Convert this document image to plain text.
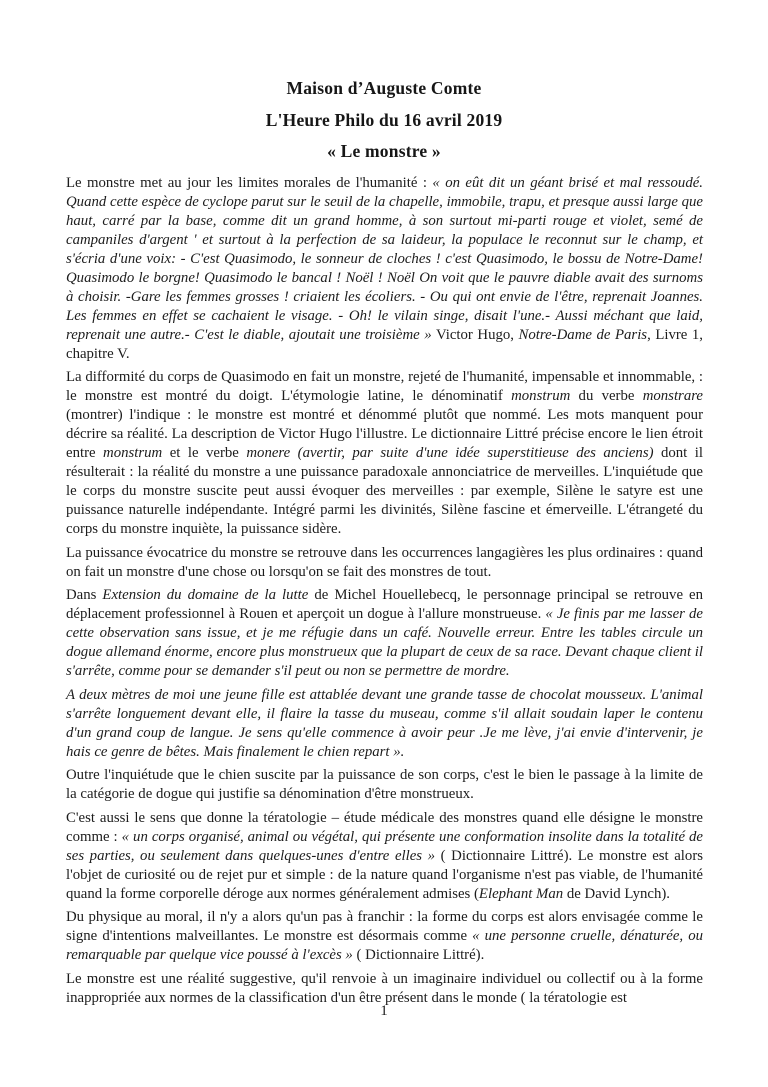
Maison d’Auguste Comte
L'Heure Philo du 16 avril 2019
« Le monstre »

Le monstre met au jour les limites morales de l'humanité : « on eût dit un géant brisé et mal ressoudé. Quand cette espèce de cyclope parut sur le seuil de la chapelle, immobile, trapu, et presque aussi large que haut, carré par la base, comme dit un grand homme, à son surtout mi-parti rouge et violet, semé de campaniles d'argent ' et surtout à la perfection de sa laideur, la populace le reconnut sur le champ, et s'écria d'une voix: - C'est Quasimodo, le sonneur de cloches ! c'est Quasimodo, le bossu de Notre-Dame! Quasimodo le borgne! Quasimodo le bancal ! Noël ! Noël On voit que le pauvre diable avait des surnoms à choisir. -Gare les femmes grosses ! criaient les écoliers. - Ou qui ont envie de l'être, reprenait Joannes. Les femmes en effet se cachaient le visage. - Oh! le vilain singe, disait l'une.- Aussi méchant que laid, reprenait une autre.- C'est le diable, ajoutait une troisième » Victor Hugo, Notre-Dame de Paris, Livre 1, chapitre V.

La difformité du corps de Quasimodo en fait un monstre, rejeté de l'humanité, impensable et innommable, : le monstre est montré du doigt. L'étymologie latine, le dénominatif monstrum du verbe monstrare (montrer) l'indique : le monstre est montré et dénommé plutôt que nommé. Les mots manquent pour décrire sa réalité. La description de Victor Hugo l'illustre. Le dictionnaire Littré précise encore le lien étroit entre monstrum et le verbe monere (avertir, par suite d'une idée superstitieuse des anciens) dont il résulterait : la réalité du monstre a une puissance paradoxale annonciatrice de merveilles. L'inquiétude que le corps du monstre suscite peut aussi évoquer des merveilles : par exemple, Silène le satyre est une puissance naturelle indépendante. Intégré parmi les divinités, Silène fascine et émerveille. L'étrangeté du corps du monstre inquiète, la puissance sidère.

La puissance évocatrice du monstre se retrouve dans les occurrences langagières les plus ordinaires : quand on fait un monstre d'une chose ou lorsqu'on se fait des monstres de tout.

Dans Extension du domaine de la lutte de Michel Houellebecq, le personnage principal se retrouve en déplacement professionnel à Rouen et aperçoit un dogue à l'allure monstrueuse. « Je finis par me lasser de cette observation sans issue, et je me réfugie dans un café. Nouvelle erreur. Entre les tables circule un dogue allemand énorme, encore plus monstrueux que la plupart de ceux de sa race. Devant chaque client il s'arrête, comme pour se demander s'il peut ou non se permettre de mordre.

A deux mètres de moi une jeune fille est attablée devant une grande tasse de chocolat mousseux. L'animal s'arrête longuement devant elle, il flaire la tasse du museau, comme s'il allait soudain laper le contenu d'un grand coup de langue. Je sens qu'elle commence à avoir peur .Je me lève, j'ai envie d'intervenir, je hais ce genre de bêtes. Mais finalement le chien repart ».

Outre l'inquiétude que le chien suscite par la puissance de son corps, c'est le bien le passage à la limite de la catégorie de dogue qui justifie sa dénomination d'être monstrueux.

C'est aussi le sens que donne la tératologie – étude médicale des monstres quand elle désigne le monstre comme : « un corps organisé, animal ou végétal, qui présente une conformation insolite dans la totalité de ses parties, ou seulement dans quelques-unes d'entre elles » ( Dictionnaire Littré). Le monstre est alors l'objet de curiosité ou de rejet pur et simple : de la nature quand l'organisme n'est pas viable, de l'humanité quand la forme corporelle déroge aux normes généralement admises (Elephant Man de David Lynch).

Du physique au moral, il n'y a alors qu'un pas à franchir : la forme du corps est alors envisagée comme le signe d'intentions malveillantes. Le monstre est désormais comme « une personne cruelle, dénaturée, ou remarquable par quelque vice poussé à l'excès » ( Dictionnaire Littré).

Le monstre est une réalité suggestive, qu'il renvoie à un imaginaire individuel ou collectif ou à la forme inappropriée aux normes de la classification d'un être présent dans le monde ( la tératologie est

1
